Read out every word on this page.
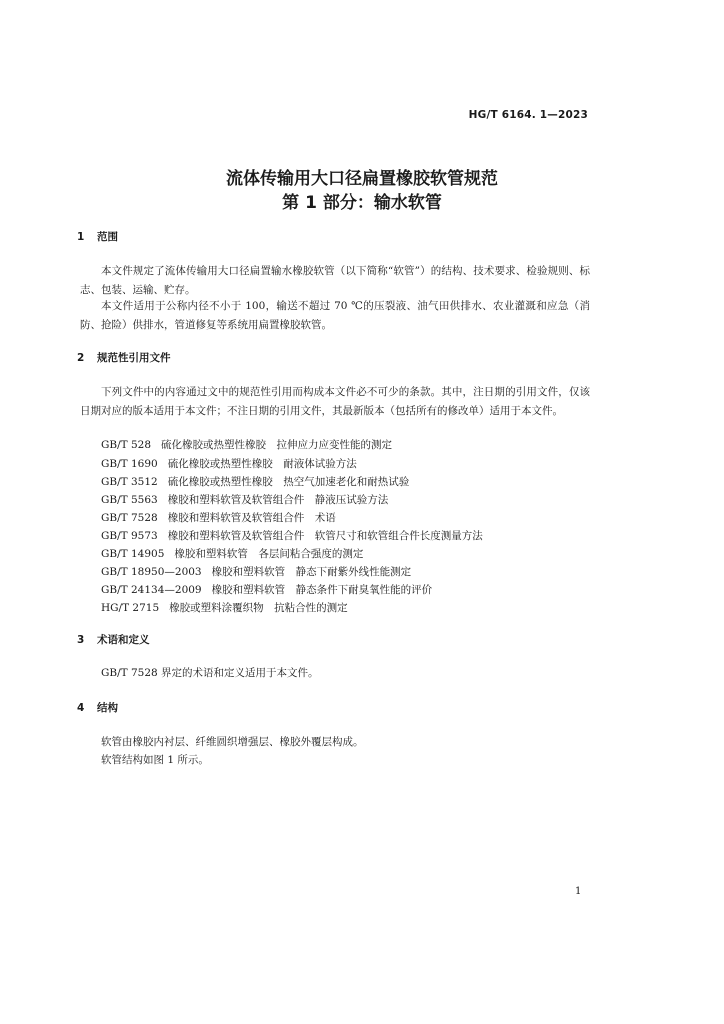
HG/T 6164. 1—2023
流体传输用大口径扁置橡胶软管规范
第 1 部分：输水软管
1 范围
本文件规定了流体传输用大口径扁置输水橡胶软管（以下简称“软管”）的结构、技术要求、检验规则、标志、包装、运输、贮存。
本文件适用于公称内径不小于 100，输送不超过 70 ℃的压裂液、油气田供排水、农业灌溉和应急（消防、抢险）供排水，管道修复等系统用扁置橡胶软管。
2 规范性引用文件
下列文件中的内容通过文中的规范性引用而构成本文件必不可少的条款。其中，注日期的引用文件，仅该日期对应的版本适用于本文件；不注日期的引用文件，其最新版本（包括所有的修改单）适用于本文件。
GB/T 528 硫化橡胶或热塑性橡胶　拉伸应力应变性能的测定
GB/T 1690 硫化橡胶或热塑性橡胶　耐液体试验方法
GB/T 3512 硫化橡胶或热塑性橡胶　热空气加速老化和耐热试验
GB/T 5563 橡胶和塑料软管及软管组合件　静液压试验方法
GB/T 7528 橡胶和塑料软管及软管组合件　术语
GB/T 9573 橡胶和塑料软管及软管组合件　软管尺寸和软管组合件长度测量方法
GB/T 14905 橡胶和塑料软管　各层间粘合强度的测定
GB/T 18950—2003 橡胶和塑料软管　静态下耐紫外线性能测定
GB/T 24134—2009 橡胶和塑料软管　静态条件下耐臭氧性能的评价
HG/T 2715 橡胶或塑料涂覆织物　抗粘合性的测定
3 术语和定义
GB/T 7528 界定的术语和定义适用于本文件。
4 结构
软管由橡胶内衬层、纤维圆织增强层、橡胶外覆层构成。
软管结构如图 1 所示。
1
